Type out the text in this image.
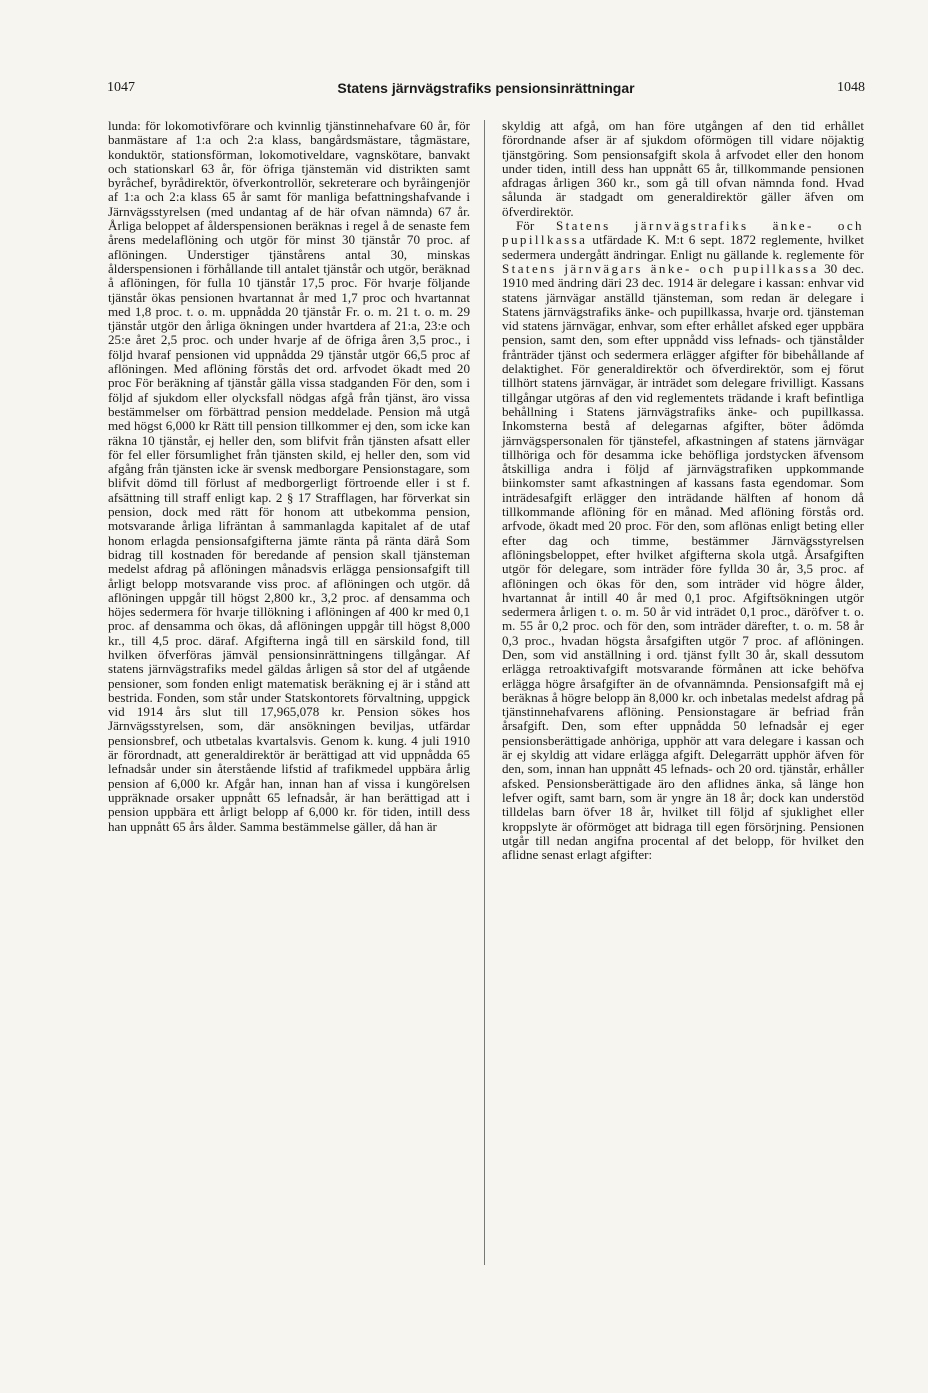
1047	Statens järnvägstrafiks pensionsinrättningar	1048

lunda: för lokomotivförare och kvinnlig tjänstinnehafvare 60 år, för banmästare af 1:a och 2:a klass, bangårdsmästare, tågmästare, konduktör, stationsförman, lokomotiveldare, vagnskötare, banvakt och stationskarl 63 år, för öfriga tjänstemän vid distrikten samt byråchef, byrådirektör, öfverkontrollör, sekreterare och byråingenjör af 1:a och 2:a klass 65 år samt för manliga befattningshafvande i Järnvägsstyrelsen (med undantag af de här ofvan nämnda) 67 år. Årliga beloppet af ålderspensionen beräknas i regel å de senaste fem årens medelaflöning och utgör för minst 30 tjänstår 70 proc. af aflöningen. Understiger tjänstårens antal 30, minskas ålderspensionen i förhållande till antalet tjänstår och utgör, beräknad å aflöningen, för fulla 10 tjänstår 17,5 proc. För hvarje följande tjänstår ökas pensionen hvartannat år med 1,7 proc och hvartannat med 1,8 proc. t. o. m. uppnådda 20 tjänstår Fr. o. m. 21 t. o. m. 29 tjänstår utgör den årliga ökningen under hvartdera af 21:a, 23:e och 25:e året 2,5 proc. och under hvarje af de öfriga åren 3,5 proc., i följd hvaraf pensionen vid uppnådda 29 tjänstår utgör 66,5 proc af aflöningen. Med aflöning förstås det ord. arfvodet ökadt med 20 proc För beräkning af tjänstår gälla vissa stadganden För den, som i följd af sjukdom eller olycksfall nödgas afgå från tjänst, äro vissa bestämmelser om förbättrad pension meddelade. Pension må utgå med högst 6,000 kr Rätt till pension tillkommer ej den, som icke kan räkna 10 tjänstår, ej heller den, som blifvit från tjänsten afsatt eller för fel eller försumlighet från tjänsten skild, ej heller den, som vid afgång från tjänsten icke är svensk medborgare Pensionstagare, som blifvit dömd till förlust af medborgerligt förtroende eller i st f. afsättning till straff enligt kap. 2 § 17 Strafflagen, har förverkat sin pension, dock med rätt för honom att utbekomma pension, motsvarande årliga lifräntan å sammanlagda kapitalet af de utaf honom erlagda pensionsafgifterna jämte ränta på ränta därå Som bidrag till kostnaden för beredande af pension skall tjänsteman medelst afdrag på aflöningen månadsvis erlägga pensionsafgift till årligt belopp motsvarande viss proc. af aflöningen och utgör. då aflöningen uppgår till högst 2,800 kr., 3,2 proc. af densamma och höjes sedermera för hvarje tillökning i aflöningen af 400 kr med 0,1 proc. af densamma och ökas, då aflöningen uppgår till högst 8,000 kr., till 4,5 proc. däraf. Afgifterna ingå till en särskild fond, till hvilken öfverföras jämväl pensionsinrättningens tillgångar. Af statens järnvägstrafiks medel gäldas årligen så stor del af utgående pensioner, som fonden enligt matematisk beräkning ej är i stånd att bestrida. Fonden, som står under Statskontorets förvaltning, uppgick vid 1914 års slut till 17,965,078 kr. Pension sökes hos Järnvägsstyrelsen, som, där ansökningen beviljas, utfärdar pensionsbref, och utbetalas kvartalsvis. Genom k. kung. 4 juli 1910 är förordnadt, att generaldirektör är berättigad att vid uppnådda 65 lefnadsår under sin återstående lifstid af trafikmedel uppbära årlig pension af 6,000 kr. Afgår han, innan han af vissa i kungörelsen uppräknade orsaker uppnått 65 lefnadsår, är han berättigad att i pension uppbära ett årligt belopp af 6,000 kr. för tiden, intill dess han uppnått 65 års ålder. Samma bestämmelse gäller, då han är

skyldig att afgå, om han före utgången af den tid erhållet förordnande afser är af sjukdom oförmögen till vidare nöjaktig tjänstgöring. Som pensionsafgift skola å arfvodet eller den honom under tiden, intill dess han uppnått 65 år, tillkommande pensionen afdragas årligen 360 kr., som gå till ofvan nämnda fond. Hvad sålunda är stadgadt om generaldirektör gäller äfven om öfverdirektör.

För Statens järnvägstrafiks änke- och pupillkassa utfärdade K. M:t 6 sept. 1872 reglemente, hvilket sedermera undergått ändringar. Enligt nu gällande k. reglemente för Statens järnvägars änke- och pupillkassa 30 dec. 1910 med ändring däri 23 dec. 1914 är delegare i kassan: enhvar vid statens järnvägar anställd tjänsteman, som redan är delegare i Statens järnvägstrafiks änke- och pupillkassa, hvarje ord. tjänsteman vid statens järnvägar, enhvar, som efter erhållet afsked eger uppbära pension, samt den, som efter uppnådd viss lefnads- och tjänstålder frånträder tjänst och sedermera erlägger afgifter för bibehållande af delaktighet. För generaldirektör och öfverdirektör, som ej förut tillhört statens järnvägar, är inträdet som delegare frivilligt. Kassans tillgångar utgöras af den vid reglementets trädande i kraft befintliga behållning i Statens järnvägstrafiks änke- och pupillkassa. Inkomsterna bestå af delegarnas afgifter, böter ådömda järnvägspersonalen för tjänstefel, afkastningen af statens järnvägar tillhöriga och för desamma icke behöfliga jordstycken äfvensom åtskilliga andra i följd af järnvägstrafiken uppkommande biinkomster samt afkastningen af kassans fasta egendomar. Som inträdesafgift erlägger den inträdande hälften af honom då tillkommande aflöning för en månad. Med aflöning förstås ord. arfvode, ökadt med 20 proc. För den, som aflönas enligt beting eller efter dag och timme, bestämmer Järnvägsstyrelsen aflöningsbeloppet, efter hvilket afgifterna skola utgå. Årsafgiften utgör för delegare, som inträder före fyllda 30 år, 3,5 proc. af aflöningen och ökas för den, som inträder vid högre ålder, hvartannat år intill 40 år med 0,1 proc. Afgiftsökningen utgör sedermera årligen t. o. m. 50 år vid inträdet 0,1 proc., däröfver t. o. m. 55 år 0,2 proc. och för den, som inträder därefter, t. o. m. 58 år 0,3 proc., hvadan högsta årsafgiften utgör 7 proc. af aflöningen. Den, som vid anställning i ord. tjänst fyllt 30 år, skall dessutom erlägga retroaktivafgift motsvarande förmånen att icke behöfva erlägga högre årsafgifter än de ofvannämnda. Pensionsafgift må ej beräknas å högre belopp än 8,000 kr. och inbetalas medelst afdrag på tjänstinnehafvarens aflöning. Pensionstagare är befriad från årsafgift. Den, som efter uppnådda 50 lefnadsår ej eger pensionsberättigade anhöriga, upphör att vara delegare i kassan och är ej skyldig att vidare erlägga afgift. Delegarrätt upphör äfven för den, som, innan han uppnått 45 lefnads- och 20 ord. tjänstår, erhåller afsked. Pensionsberättigade äro den aflidnes änka, så länge hon lefver ogift, samt barn, som är yngre än 18 år; dock kan understöd tilldelas barn öfver 18 år, hvilket till följd af sjuklighet eller kroppslyte är oförmöget att bidraga till egen försörjning. Pensionen utgår till nedan angifna procental af det belopp, för hvilket den aflidne senast erlagt afgifter:
